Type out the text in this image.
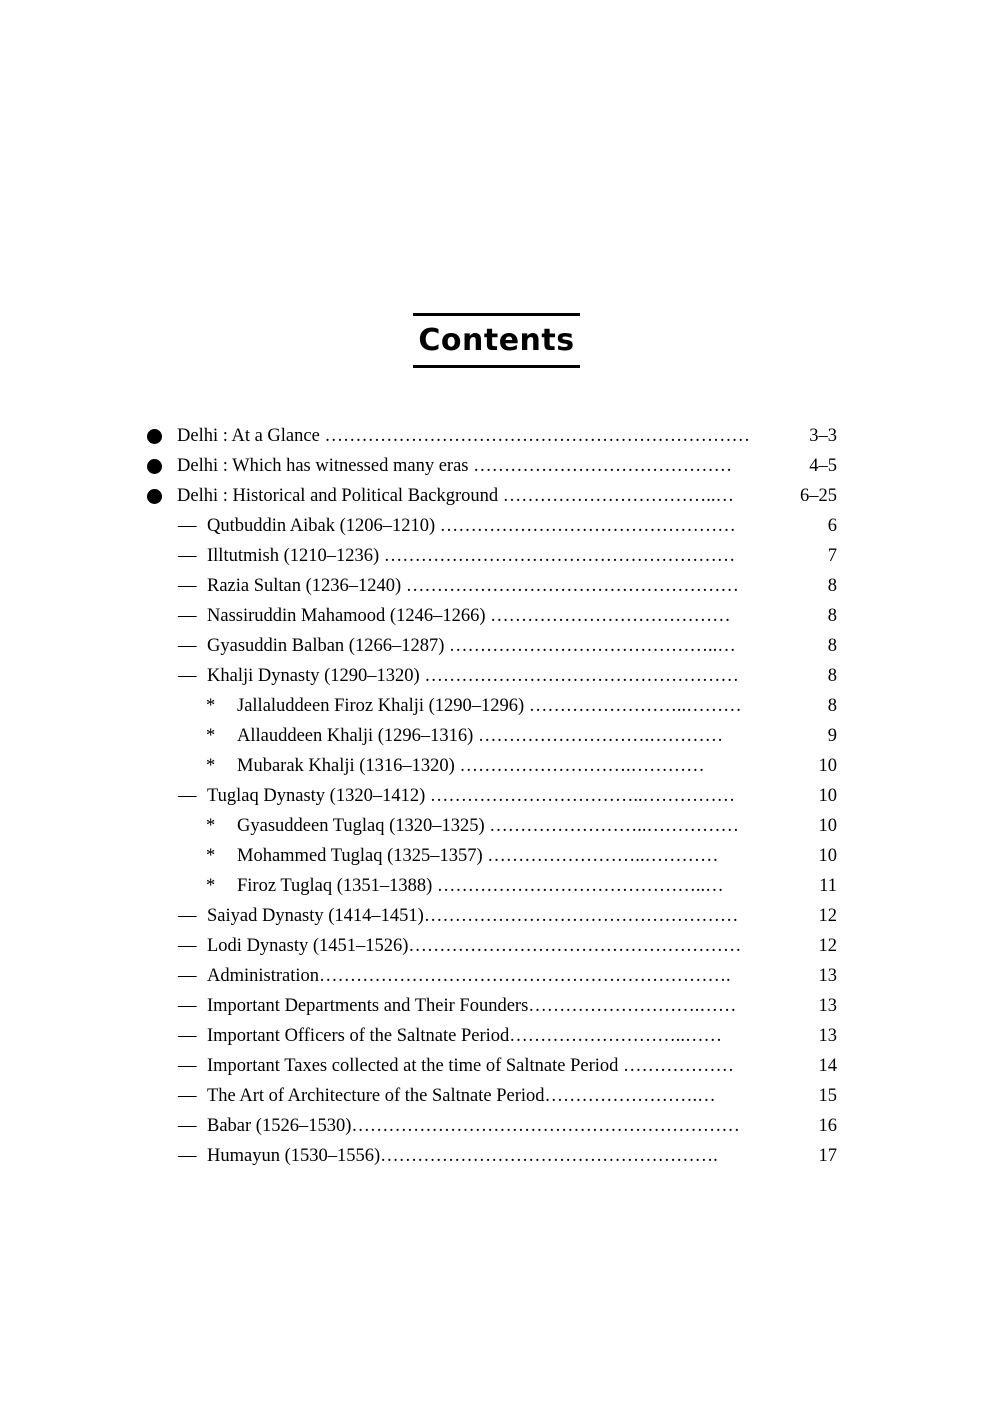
Contents
Delhi : At a Glance ……………………………………………………………	3–3
Delhi : Which has witnessed many eras ……………………………………	4–5
Delhi : Historical and Political Background ……………………………..…	6–25
— Qutbuddin Aibak (1206–1210) …………………………………………	6
— Illtutmish (1210–1236) …………………………………………………	7
— Razia Sultan (1236–1240) ………………………………………………	8
— Nassiruddin Mahamood (1246–1266) …………………………………	8
— Gyasuddin Balban (1266–1287) ……………………………………..…	8
— Khalji Dynasty (1290–1320) ……………………………………………	8
* Jallaluddeen Firoz Khalji (1290–1296) ……………………..………	8
* Allauddeen Khalji (1296–1316) ……………………….…………	9
* Mubarak Khalji (1316–1320) ……………………….…………	10
— Tuglaq Dynasty (1320–1412) ……………………………..……………	10
* Gyasuddeen Tuglaq (1320–1325) ……………………..……………	10
* Mohammed Tuglaq (1325–1357) ……………………..…………	10
* Firoz Tuglaq (1351–1388) ……………………………………..…	11
— Saiyad Dynasty (1414–1451)……………………………………………	12
— Lodi Dynasty (1451–1526)………………………………………………	12
— Administration………………………………………………………….	13
— Important Departments and Their Founders……………………….……	13
— Important Officers of the Saltnate Period………………………..……	13
— Important Taxes collected at the time of Saltnate Period ………………	14
— The Art of Architecture of the Saltnate Period…………………….…	15
— Babar (1526–1530)………………………………………………………	16
— Humayun (1530–1556)……………………………………………….	17
